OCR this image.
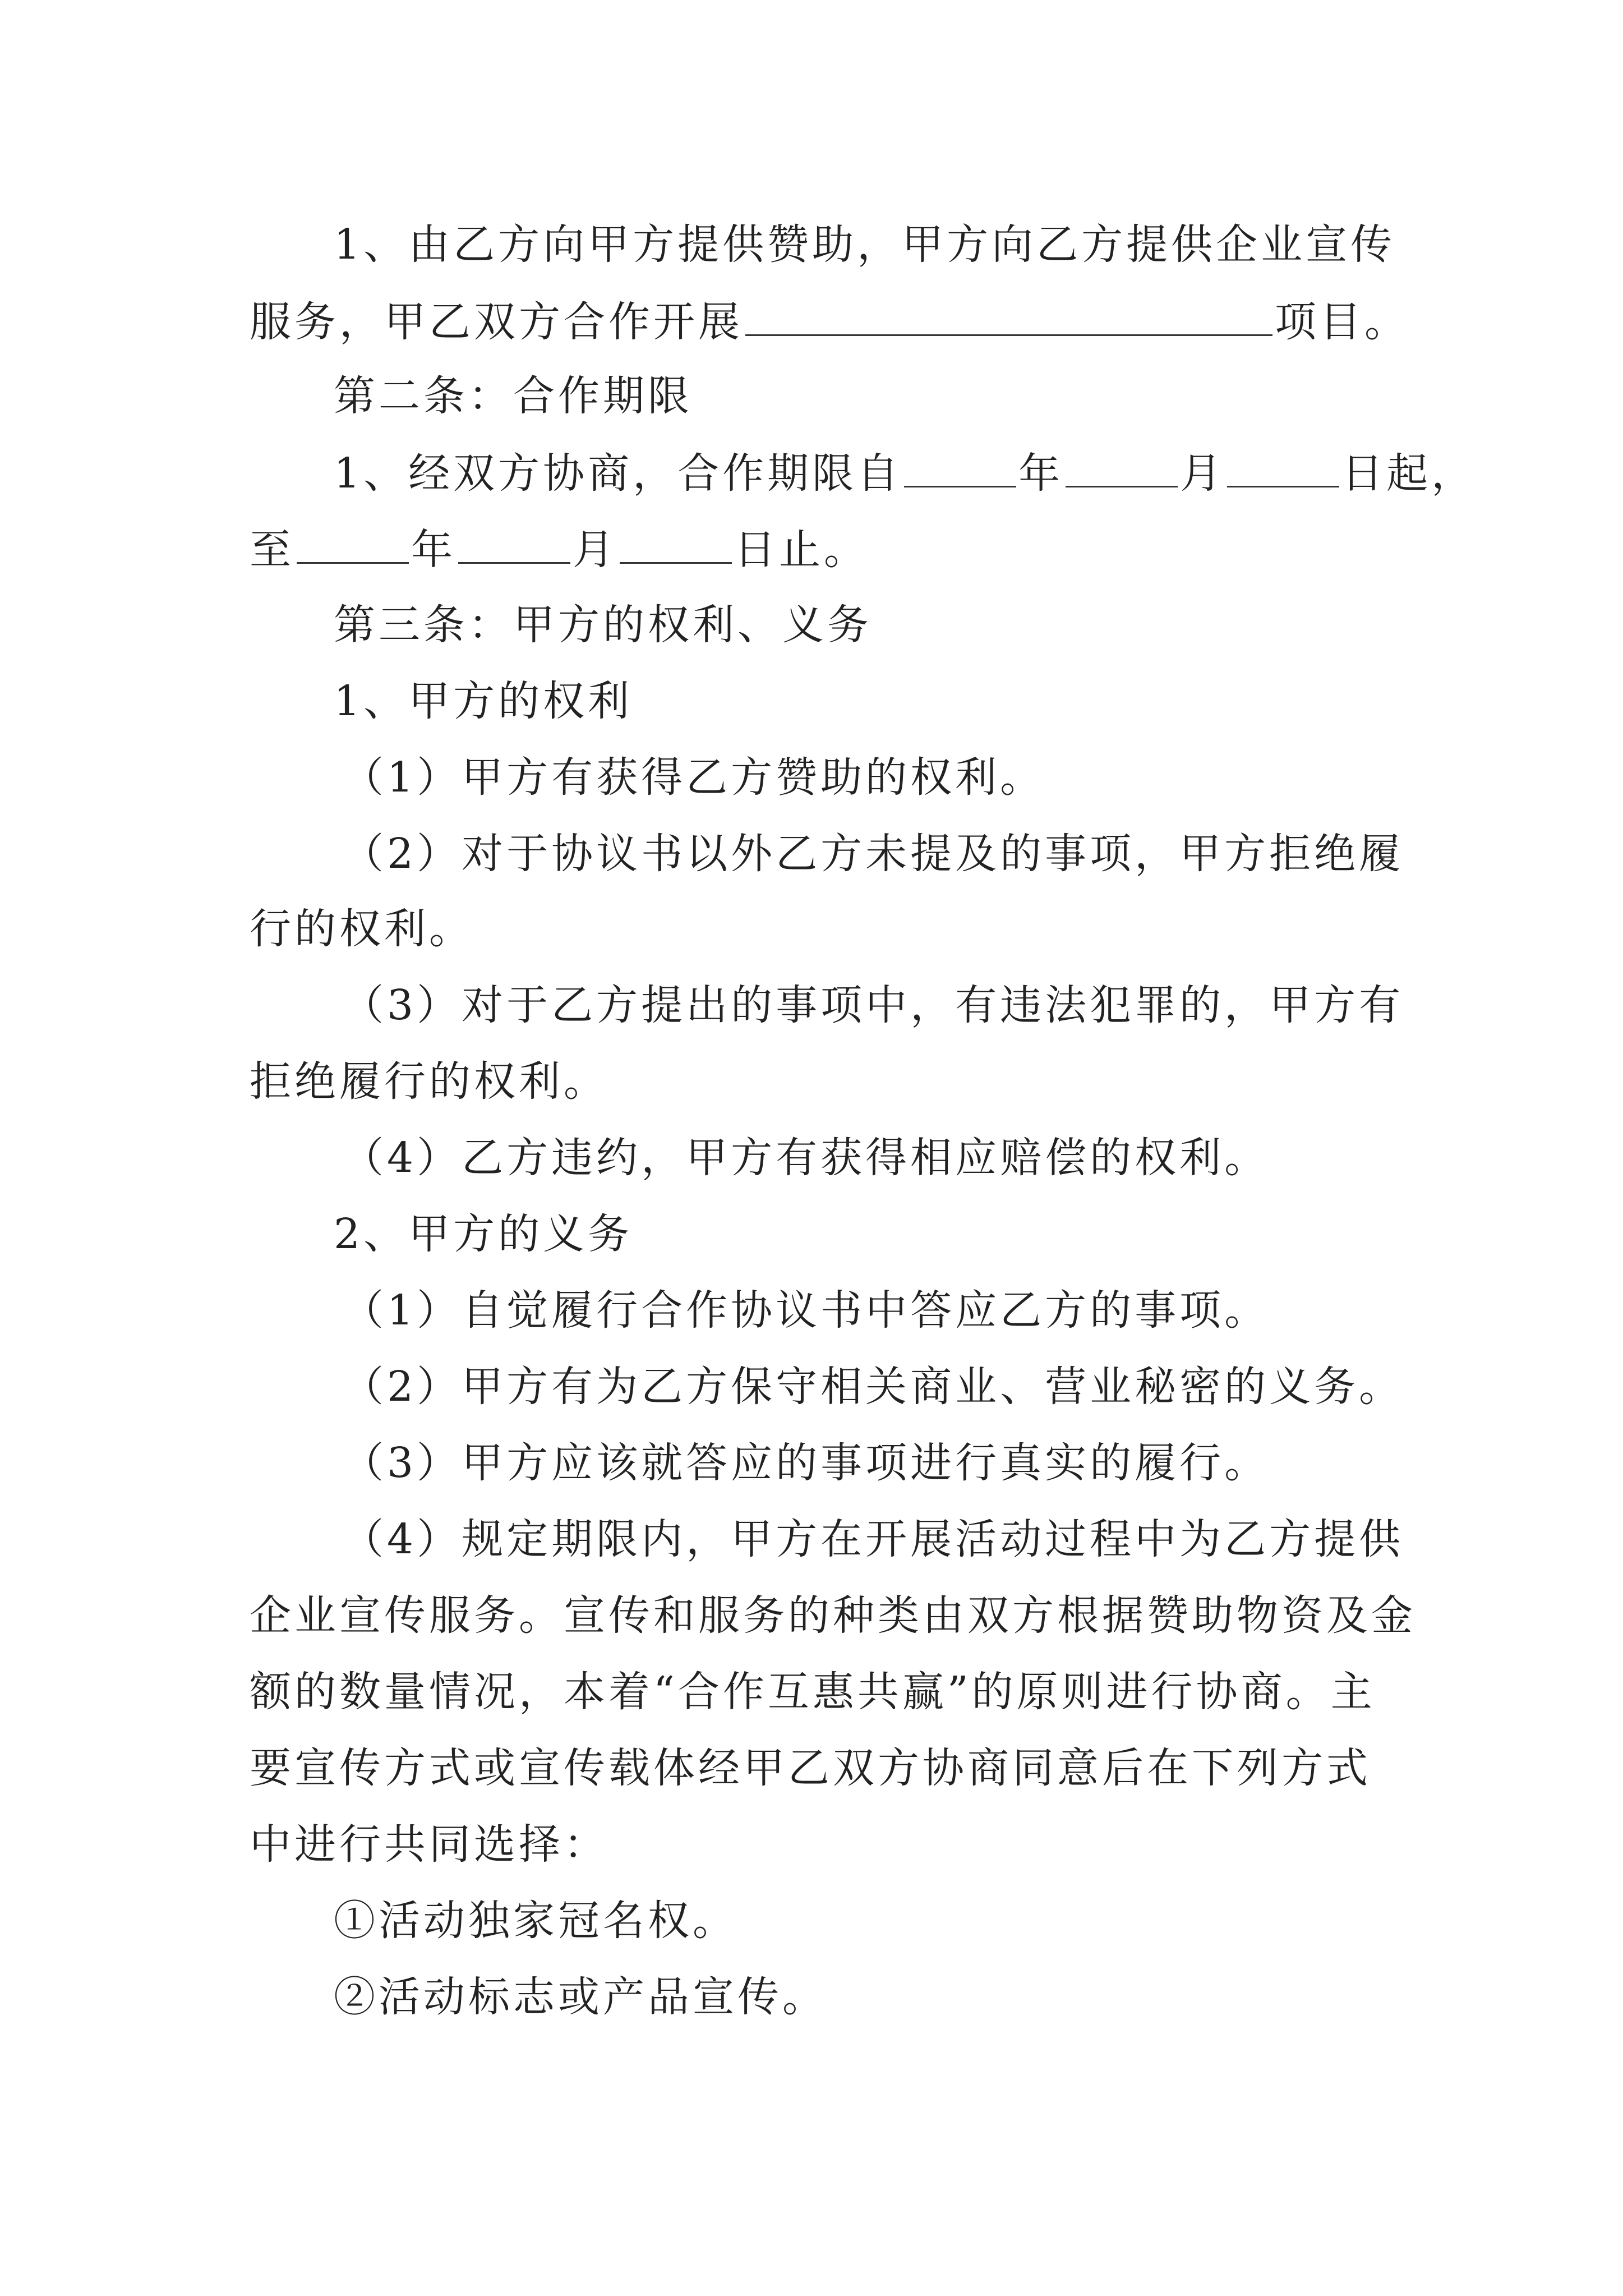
1、由乙方向甲方提供赞助，甲方向乙方提供企业宣传
服务，甲乙双方合作开展	项目。
第二条：合作期限
1、经双方协商，合作期限自	年	月	日起，
至	年	月	日止。
第三条：甲方的权利、义务
1、甲方的权利
（1）甲方有获得乙方赞助的权利。
（2）对于协议书以外乙方未提及的事项，甲方拒绝履
行的权利。
（3）对于乙方提出的事项中，有违法犯罪的，甲方有
拒绝履行的权利。
（4）乙方违约，甲方有获得相应赔偿的权利。
2、甲方的义务
（1）自觉履行合作协议书中答应乙方的事项。
（2）甲方有为乙方保守相关商业、营业秘密的义务。
（3）甲方应该就答应的事项进行真实的履行。
（4）规定期限内，甲方在开展活动过程中为乙方提供
企业宣传服务。宣传和服务的种类由双方根据赞助物资及金
额的数量情况，本着“合作互惠共赢”的原则进行协商。主
要宣传方式或宣传载体经甲乙双方协商同意后在下列方式
中进行共同选择：
①活动独家冠名权。
②活动标志或产品宣传。
